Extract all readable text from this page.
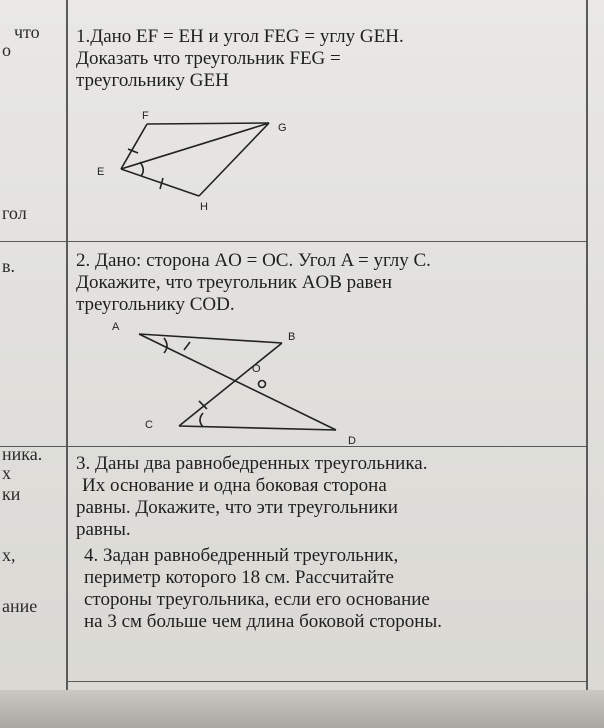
что
о
гол
в.
ника.
х
ки
х,
ание
1.Дано EF = EH и угол FEG = углу GEH.
Доказать что треугольник FEG =
треугольнику GEH
F
G
E
H
2. Дано: сторона AO = OC. Угол A = углу C.
Докажите, что треугольник AOB равен
треугольнику COD.
A
B
O
C
D
3. Даны два равнобедренных треугольника.
Их основание и одна боковая сторона
равны. Докажите, что эти треугольники
равны.
4. Задан равнобедренный треугольник,
периметр которого 18 см. Рассчитайте
стороны треугольника, если его основание
на 3 см больше чем длина боковой стороны.
